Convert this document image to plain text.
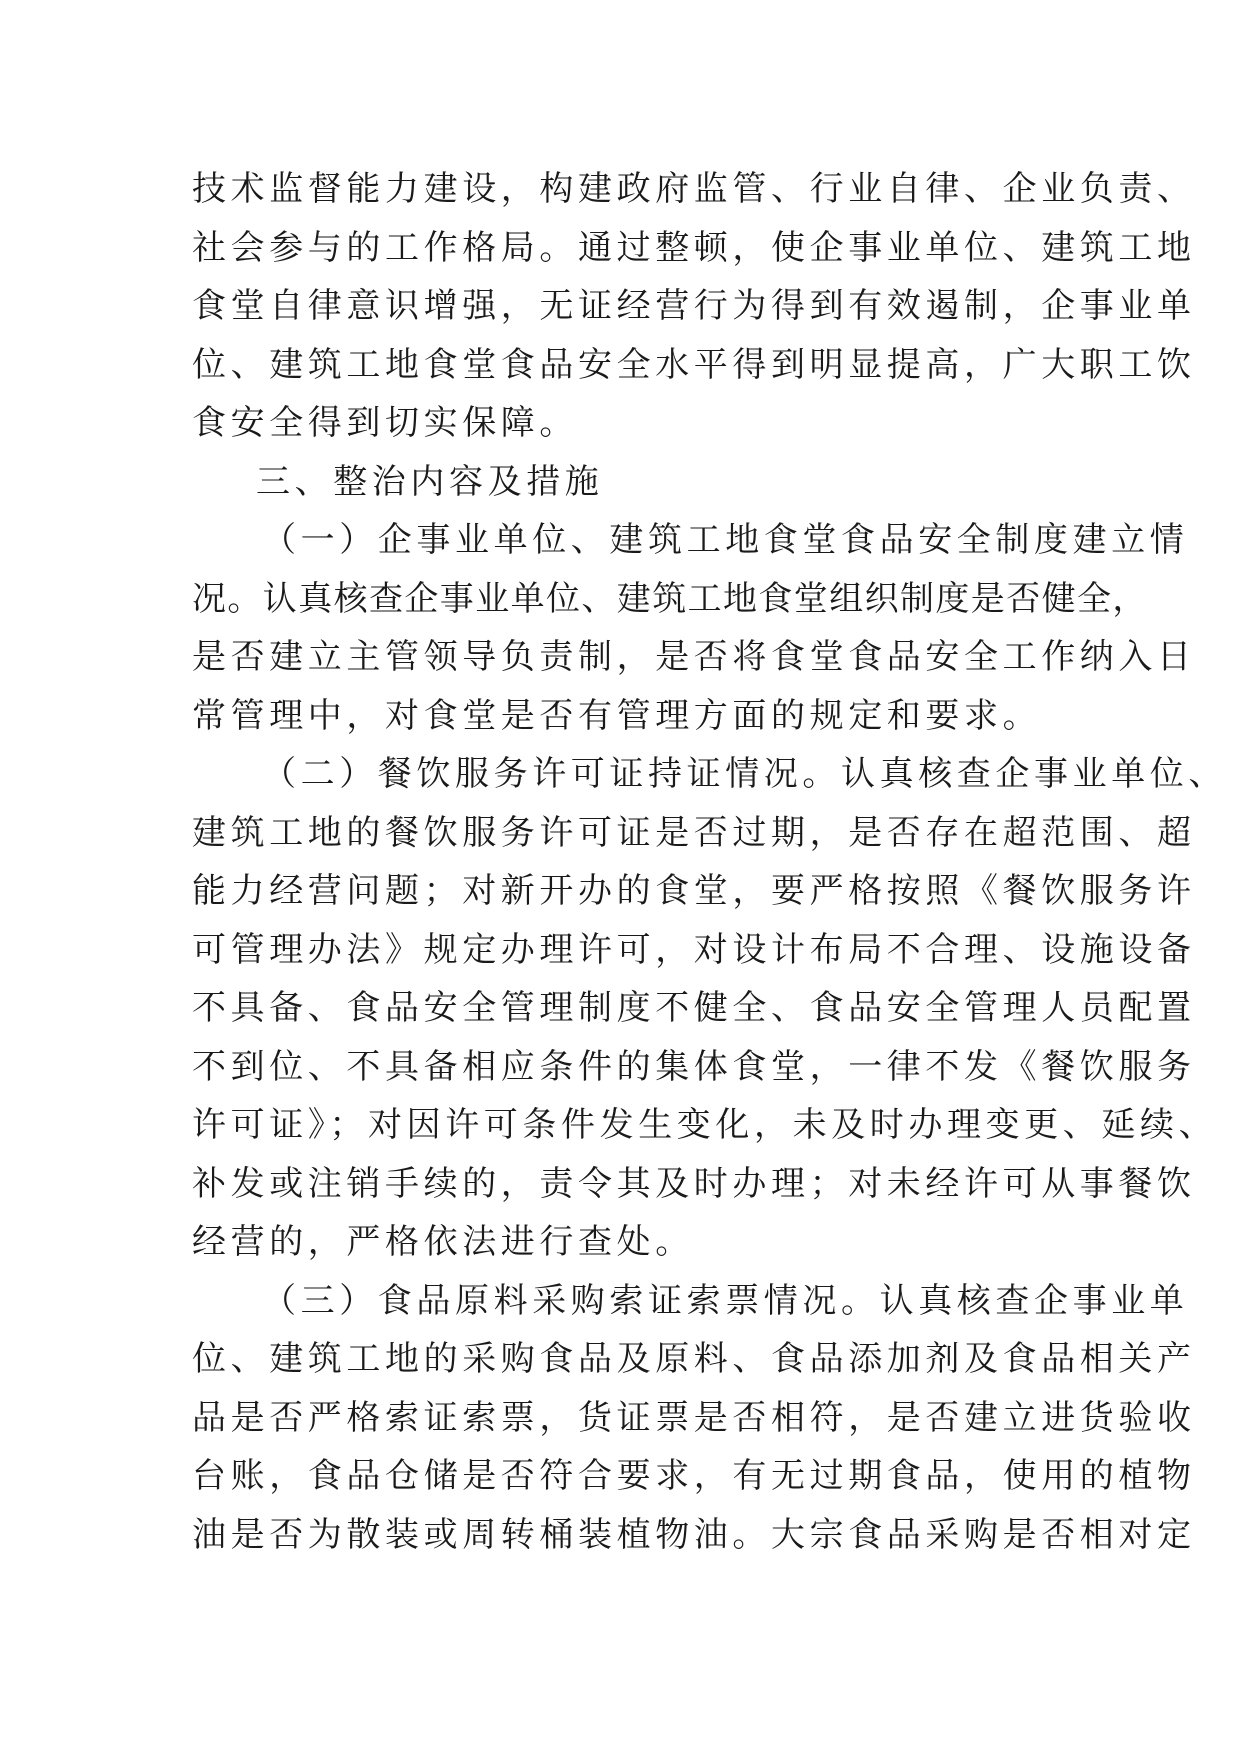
技术监督能力建设，构建政府监管、行业自律、企业负责、
社会参与的工作格局。通过整顿，使企事业单位、建筑工地
食堂自律意识增强，无证经营行为得到有效遏制，企事业单
位、建筑工地食堂食品安全水平得到明显提高，广大职工饮
食安全得到切实保障。
三、整治内容及措施
（一）企事业单位、建筑工地食堂食品安全制度建立情
况。认真核查企事业单位、建筑工地食堂组织制度是否健全，
是否建立主管领导负责制，是否将食堂食品安全工作纳入日
常管理中，对食堂是否有管理方面的规定和要求。
（二）餐饮服务许可证持证情况。认真核查企事业单位、
建筑工地的餐饮服务许可证是否过期，是否存在超范围、超
能力经营问题；对新开办的食堂，要严格按照《餐饮服务许
可管理办法》规定办理许可，对设计布局不合理、设施设备
不具备、食品安全管理制度不健全、食品安全管理人员配置
不到位、不具备相应条件的集体食堂，一律不发《餐饮服务
许可证》；对因许可条件发生变化，未及时办理变更、延续、
补发或注销手续的，责令其及时办理；对未经许可从事餐饮
经营的，严格依法进行查处。
（三）食品原料采购索证索票情况。认真核查企事业单
位、建筑工地的采购食品及原料、食品添加剂及食品相关产
品是否严格索证索票，货证票是否相符，是否建立进货验收
台账，食品仓储是否符合要求，有无过期食品，使用的植物
油是否为散装或周转桶装植物油。大宗食品采购是否相对定
